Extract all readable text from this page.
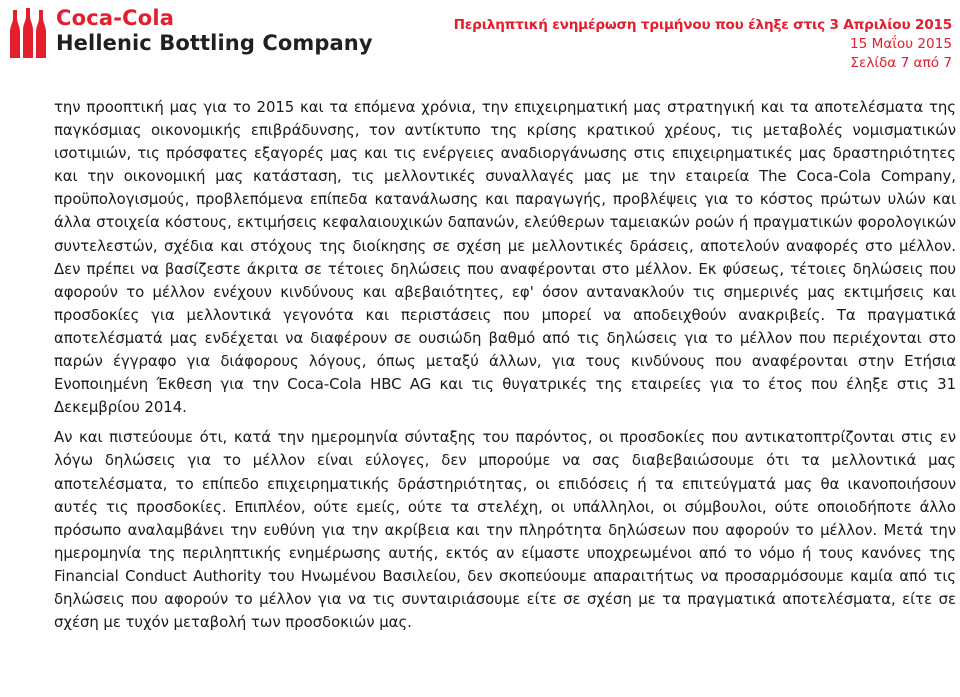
Coca-Cola
Hellenic Bottling Company
Περιληπτική ενημέρωση τριμήνου που έληξε στις 3 Απριλίου 2015
15 Μαΐου 2015
Σελίδα 7 από 7

την προοπτική μας για το 2015 και τα επόμενα χρόνια, την επιχειρηματική μας στρατηγική και τα αποτελέσματα της παγκόσμιας οικονομικής επιβράδυνσης, τον αντίκτυπο της κρίσης κρατικού χρέους, τις μεταβολές νομισματικών ισοτιμιών, τις πρόσφατες εξαγορές μας και τις ενέργειες αναδιοργάνωσης στις επιχειρηματικές μας δραστηριότητες και την οικονομική μας κατάσταση, τις μελλοντικές συναλλαγές μας με την εταιρεία The Coca-Cola Company, προϋπολογισμούς, προβλεπόμενα επίπεδα κατανάλωσης και παραγωγής, προβλέψεις για το κόστος πρώτων υλών και άλλα στοιχεία κόστους, εκτιμήσεις κεφαλαιουχικών δαπανών, ελεύθερων ταμειακών ροών ή πραγματικών φορολογικών συντελεστών, σχέδια και στόχους της διοίκησης σε σχέση με μελλοντικές δράσεις, αποτελούν αναφορές στο μέλλον. Δεν πρέπει να βασίζεστε άκριτα σε τέτοιες δηλώσεις που αναφέρονται στο μέλλον. Εκ φύσεως, τέτοιες δηλώσεις που αφορούν το μέλλον ενέχουν κινδύνους και αβεβαιότητες, εφ' όσον αντανακλούν τις σημερινές μας εκτιμήσεις και προσδοκίες για μελλοντικά γεγονότα και περιστάσεις που μπορεί να αποδειχθούν ανακριβείς. Τα πραγματικά αποτελέσματά μας ενδέχεται να διαφέρουν σε ουσιώδη βαθμό από τις δηλώσεις για το μέλλον που περιέχονται στο παρών έγγραφο για διάφορους λόγους, όπως μεταξύ άλλων, για τους κινδύνους που αναφέρονται στην Ετήσια Ενοποιημένη Έκθεση για την Coca-Cola HBC AG και τις θυγατρικές της εταιρείες για το έτος που έληξε στις 31 Δεκεμβρίου 2014.

Αν και πιστεύουμε ότι, κατά την ημερομηνία σύνταξης του παρόντος, οι προσδοκίες που αντικατοπτρίζονται στις εν λόγω δηλώσεις για το μέλλον είναι εύλογες, δεν μπορούμε να σας διαβεβαιώσουμε ότι τα μελλοντικά μας αποτελέσματα, το επίπεδο επιχειρηματικής δράστηριότητας, οι επιδόσεις ή τα επιτεύγματά μας θα ικανοποιήσουν αυτές τις προσδοκίες. Επιπλέον, ούτε εμείς, ούτε τα στελέχη, οι υπάλληλοι, οι σύμβουλοι, ούτε οποιοδήποτε άλλο πρόσωπο αναλαμβάνει την ευθύνη για την ακρίβεια και την πληρότητα δηλώσεων που αφορούν το μέλλον. Μετά την ημερομηνία της περιληπτικής ενημέρωσης αυτής, εκτός αν είμαστε υποχρεωμένοι από το νόμο ή τους κανόνες της Financial Conduct Authority του Ηνωμένου Βασιλείου, δεν σκοπεύουμε απαραιτήτως να προσαρμόσουμε καμία από τις δηλώσεις που αφορούν το μέλλον για να τις συνταιριάσουμε είτε σε σχέση με τα πραγματικά αποτελέσματα, είτε σε σχέση με τυχόν μεταβολή των προσδοκιών μας.
